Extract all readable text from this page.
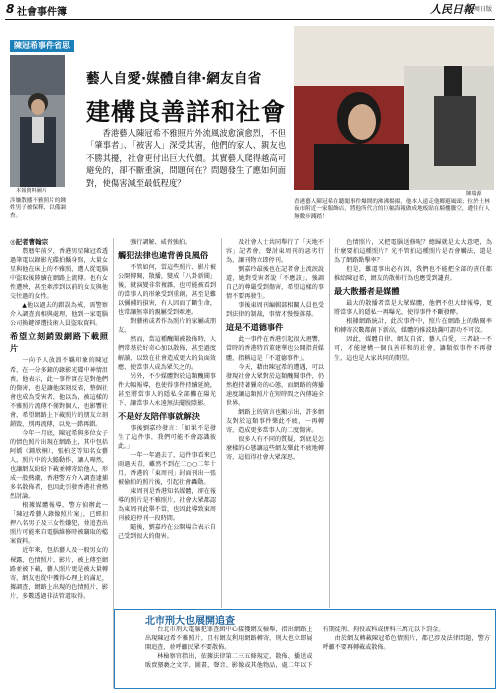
8 社會事件簿	人民日報 周日版
陳冠希事件省思
本報資料圖片
涉嫌散播不雅照片的鍾姓男子被保釋，以備調查。
藝人自愛‧媒體自律‧網友自省
建構良善詳和社會
香港藝人陳冠希不雅照片外流風波愈演愈烈，不但「肇事者」、「被害人」深受其害，他們的家人、親友也不勝其擾，社會更付出巨大代價。其實藝人爬得越高可避免的，卻不斷重演，問題何在？問題發生了應如何面對，使傷害減至最低程度？
陳瑞源
香港藝人陳冠希在聽聞事件爆開的沸沸揚揚，他本人遠走他鄉避風頭；位於土林夜市附近一家服飾店，將他所代言的巨幅海報做成地板貼在騎樓騰空，遭往行人無數步踐踏！

◎記者曹翰宗

農曆年前夕，香港男星陳冠希透過筆電以錄影光碟拍攝身寫，大量女星與他在床上的不雅照，遭人從電腦中盜取後陸續在網路上流傳。也有女性遭殃，甚至牽涉到以前的女友與他交往過的女性。

▲他以過去的錯誤為戒，需警察介入調查真相與處理，他到一家電腦公司換鍵卻遭技術人員盜取資料。

希望立刻銷毀網路下載照片

一向予人放浪不羈印象的陳冠希，在一分多鐘的錄影光碟中神情沮喪，他表示，此一事件實在是對他們的傷害，也是讓他深刻反省，整個社會也成為受害者，他以為，被這樣的不雅照片流傳不僅對個人，也影響社會，希望網路上下載照片的朋友立刻銷毀，別再流傳，以免一錯再錯。

今年一月底，陳冠希與多位女子的情色照片出現在網路上，其中包括阿嬌（鍾欣桐）、張柏芝等知名女藝人，照片中的大膽動作，讓人嘩然，也讓網友紛紛下載並轉寄給他人，形成一股熱潮，香港警方介入調查逮捕多名散佈者，也因此引發香港社會熱烈討論。

根據媒體報導，警方偵辦此一「陳冠希藝人錄像照片案」，已經扣押八名男子及三女性嫌犯，並追查出照片可能來自電腦維修時被竊取的檔案資料。

近年來，包括藝人及一般男女的裸露、色情照片、影片，被上傳至網路並被下載，藝人照片更是被大量轉寄，網友也從中獲得心理上的滿足，據調查，網路上出現的色情照片、影片，多數透過非法管道取得。

強行調解、威脅強拍。

觸犯法律也違背善良風俗

不管如何，當這些照片、影片被公開傳閱，散播，變成「八卦新聞」後，就演變非常複雜，也可能被看到的當事人的形象受到重創，甚至是難以彌補的損害，有人因而了斷生命，也常讓無辜的親屬受到牽連。

對藝術或者作為照片的家屬或朋友。

然而，當這種醜聞被散佈時，人們常基於好奇心加以散佈，甚至過度解讀，以致在社會造成更大的負面效應，使當事人成為眾矢之的。

另外，不少媒體對於這類醜聞事件大幅報導，也使得事件持續延燒，甚至將當事人的隱私全部攤在陽光下，讓當事人永遠無法擺脫陰影。

不是好友陪伴事就解決

事後劉嘉玲發言：「如果不是發生了這件事，我們可能不會認識彼此。」

一年一年過去了，這件事看來已雨過天青，雖然不到在二○○二年十月，香港的「東周刊」封面刊出一張被偷拍的照片後，引起社會轟動。

東周刊是香港知名媒體，卻在報導的照片是不雅照片，社會大眾都認為東周刊此舉不當，也因此導致東周刊被迫停刊一段時間。

隨後，劉嘉玲在公開場合表示自己受到很大的傷害。

及社會人士共同舉行了「天地不容」記者會，聲討東周刊的惡劣行為，讓刊物立即停刊。

劉嘉玲最後也在記者會上流淚說道，她對受害者說「不應該」，強調自己的尊嚴受到傷害，希望這樣的事情不要再發生。

事後東周刊編輯部相關人員也受到法律的制裁，事情才慢慢落幕。

這是不道德事件

此一事件在香港引起很大迴響，當時的香港特首董建華也公開指責媒體，指稱這是「不道德事件」。

今天，藉由陳冠希的遭遇，可以發現社會大眾對於這類醜聞事件，仍然抱持著獵奇的心態，而網路的傳播速度讓這類照片在短時間之內傳遍全世界。

網路上的留言也顯示出，許多網友對於這類事件樂此不疲，一再轉寄，造成更多當事人的二度傷害。

很多人有不同的質疑，到底是怎麼樣的心態讓這些網友樂此不疲地轉寄，這值得社會大眾深思。

色情照片，又把電腦送修呢？總歸就是太大意吧，為什麼要拍這種照片？光不管拍這種照片是否會觸法，還是為了網路點擊率？

但是，難道事出必有因，我們也不能把全部的責任都推給陳冠希，網友的散佈行為也應受到譴責。

最大散播者是媒體

最大的散播者當是大眾媒體，他們不但大肆報導，更將當事人的隱私一再曝光，使得事件不斷發酵。

根據網路統計，此次事件中，照片在網路上的點閱率和轉寄次數都創下新高，媒體的推波助瀾可謂功不可沒。

因此，媒體自律、網友自省、藝人自愛，三者缺一不可，才能建構一個良善祥和的社會，讓類似事件不再發生，這也是大家共同的期望。

北市刑大也展開追查

台北市刑大電腦犯罪查緝中心接獲網友檢舉，指出網路上出現陳冠希不雅照片，且有網友利用網路轉寄，刑大也立即展開追查，並呼籲民眾不要散佈。

林檢察官指出，依據法律第二三五條規定，散佈、播送或販賣猥褻之文字、圖畫、聲音、影像或其他物品，處二年以下有期徒刑、拘役或科或併科三萬元以下罰金。

由於網友轉載陳冠希色情照片，都已涉及法律問題，警方呼籲不要再轉載或散佈。
